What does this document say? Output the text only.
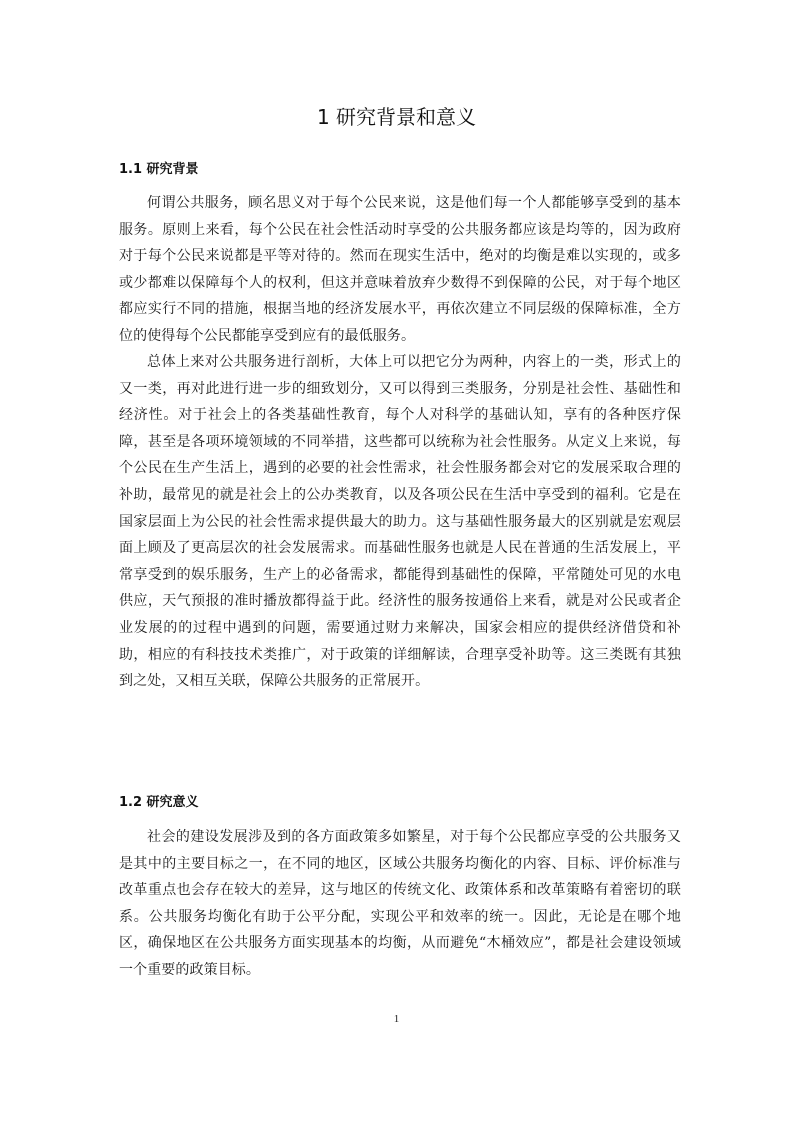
1 研究背景和意义
1.1 研究背景

何谓公共服务，顾名思义对于每个公民来说，这是他们每一个人都能够享受到的基本服务。原则上来看，每个公民在社会性活动时享受的公共服务都应该是均等的，因为政府对于每个公民来说都是平等对待的。然而在现实生活中，绝对的均衡是难以实现的，或多或少都难以保障每个人的权利，但这并意味着放弃少数得不到保障的公民，对于每个地区都应实行不同的措施，根据当地的经济发展水平，再依次建立不同层级的保障标准，全方位的使得每个公民都能享受到应有的最低服务。

总体上来对公共服务进行剖析，大体上可以把它分为两种，内容上的一类，形式上的又一类，再对此进行进一步的细致划分，又可以得到三类服务，分别是社会性、基础性和经济性。对于社会上的各类基础性教育，每个人对科学的基础认知，享有的各种医疗保障，甚至是各项环境领域的不同举措，这些都可以统称为社会性服务。从定义上来说，每个公民在生产生活上，遇到的必要的社会性需求，社会性服务都会对它的发展采取合理的补助，最常见的就是社会上的公办类教育，以及各项公民在生活中享受到的福利。它是在国家层面上为公民的社会性需求提供最大的助力。这与基础性服务最大的区别就是宏观层面上顾及了更高层次的社会发展需求。而基础性服务也就是人民在普通的生活发展上，平常享受到的娱乐服务，生产上的必备需求，都能得到基础性的保障，平常随处可见的水电供应，天气预报的准时播放都得益于此。经济性的服务按通俗上来看，就是对公民或者企业发展的的过程中遇到的问题，需要通过财力来解决，国家会相应的提供经济借贷和补助，相应的有科技技术类推广，对于政策的详细解读，合理享受补助等。这三类既有其独到之处，又相互关联，保障公共服务的正常展开。

1.2 研究意义

社会的建设发展涉及到的各方面政策多如繁星，对于每个公民都应享受的公共服务又是其中的主要目标之一，在不同的地区，区域公共服务均衡化的内容、目标、评价标准与改革重点也会存在较大的差异，这与地区的传统文化、政策体系和改革策略有着密切的联系。公共服务均衡化有助于公平分配，实现公平和效率的统一。因此，无论是在哪个地区，确保地区在公共服务方面实现基本的均衡，从而避免“木桶效应”，都是社会建设领域一个重要的政策目标。

1
